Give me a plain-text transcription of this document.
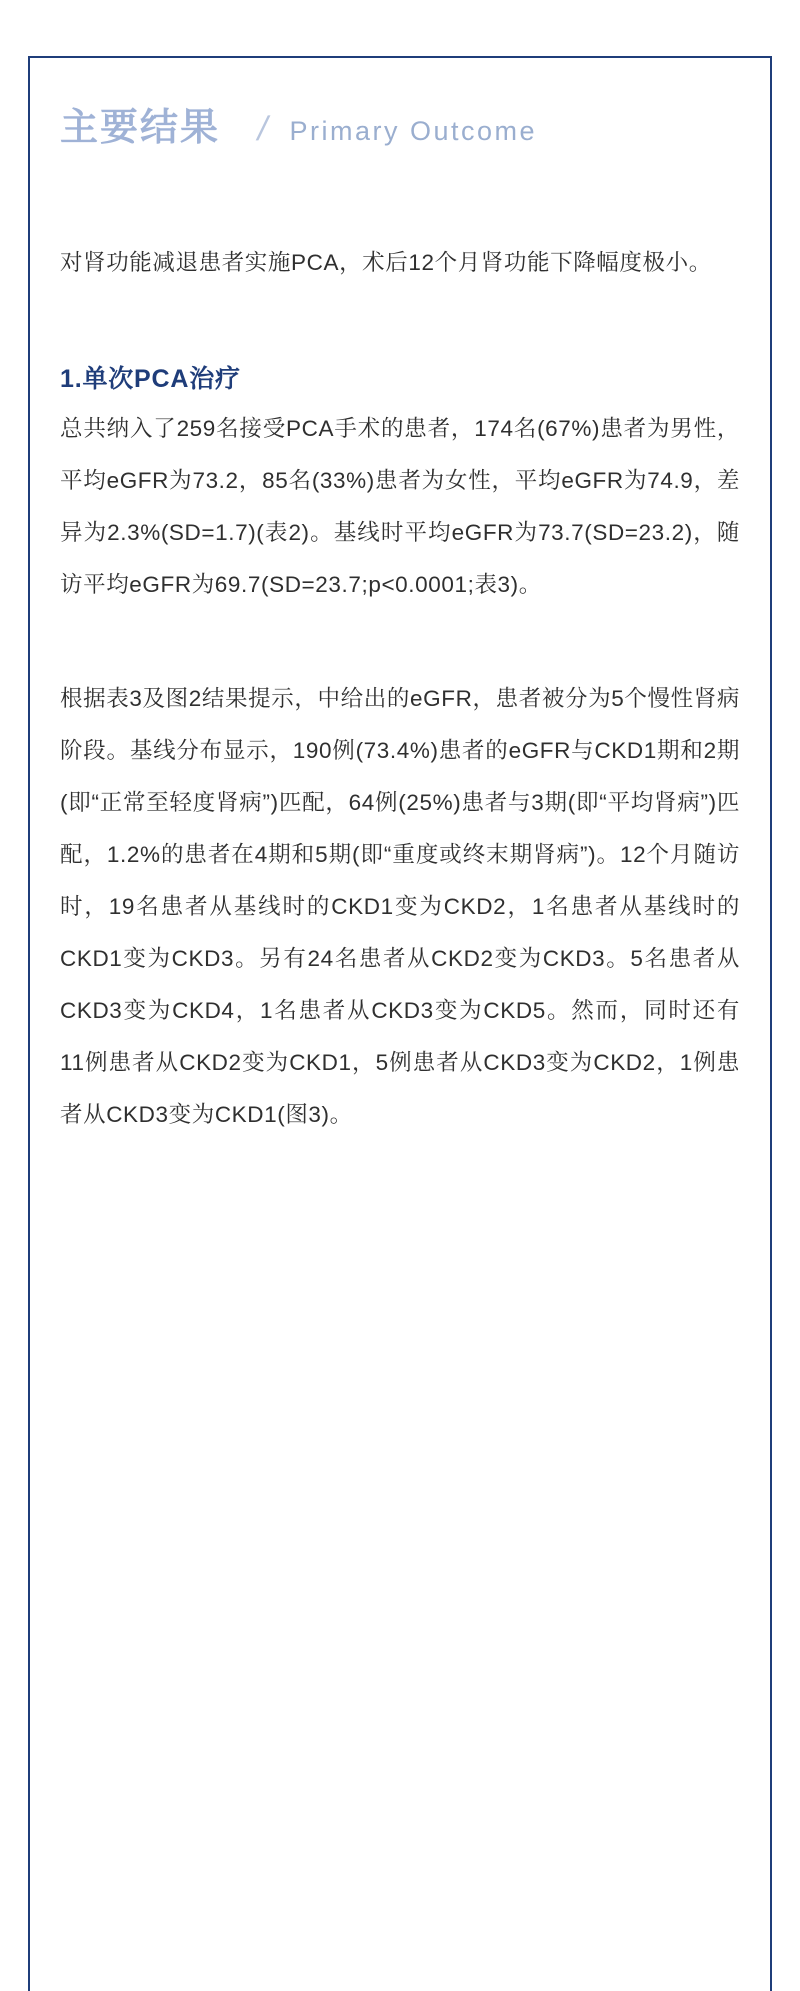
主要结果 / Primary Outcome

对肾功能减退患者实施PCA，术后12个月肾功能下降幅度极小。

1.单次PCA治疗

总共纳入了259名接受PCA手术的患者，174名(67%)患者为男性，平均eGFR为73.2，85名(33%)患者为女性，平均eGFR为74.9，差异为2.3%(SD=1.7)(表2)。基线时平均eGFR为73.7(SD=23.2)，随访平均eGFR为69.7(SD=23.7;p<0.0001;表3)。

根据表3及图2结果提示，中给出的eGFR，患者被分为5个慢性肾病阶段。基线分布显示，190例(73.4%)患者的eGFR与CKD1期和2期(即“正常至轻度肾病”)匹配，64例(25%)患者与3期(即“平均肾病”)匹配，1.2%的患者在4期和5期(即“重度或终末期肾病”)。12个月随访时，19名患者从基线时的CKD1变为CKD2，1名患者从基线时的CKD1变为CKD3。另有24名患者从CKD2变为CKD3。5名患者从CKD3变为CKD4，1名患者从CKD3变为CKD5。然而，同时还有11例患者从CKD2变为CKD1，5例患者从CKD3变为CKD2，1例患者从CKD3变为CKD1(图3)。
